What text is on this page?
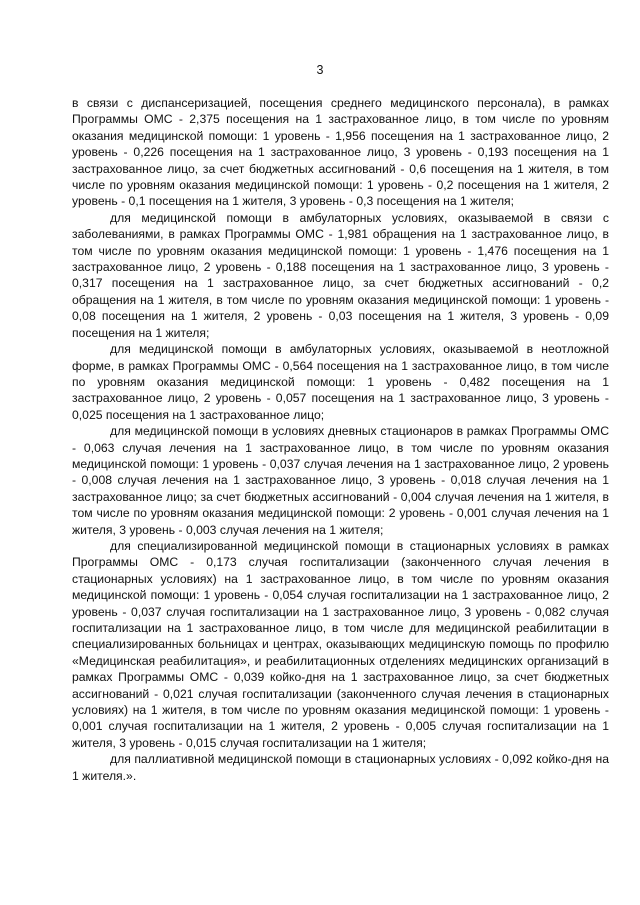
3

в связи с диспансеризацией, посещения среднего медицинского персонала), в рамках Программы ОМС - 2,375 посещения на 1 застрахованное лицо, в том числе по уровням оказания медицинской помощи: 1 уровень - 1,956 посещения на 1 застрахованное лицо, 2 уровень - 0,226 посещения на 1 застрахованное лицо, 3 уровень - 0,193 посещения на 1 застрахованное лицо, за счет бюджетных ассигнований - 0,6 посещения на 1 жителя, в том числе по уровням оказания медицинской помощи: 1 уровень - 0,2 посещения на 1 жителя, 2 уровень - 0,1 посещения на 1 жителя, 3 уровень - 0,3 посещения на 1 жителя;

для медицинской помощи в амбулаторных условиях, оказываемой в связи с заболеваниями, в рамках Программы ОМС - 1,981 обращения на 1 застрахованное лицо, в том числе по уровням оказания медицинской помощи: 1 уровень - 1,476 посещения на 1 застрахованное лицо, 2 уровень - 0,188 посещения на 1 застрахованное лицо, 3 уровень - 0,317 посещения на 1 застрахованное лицо, за счет бюджетных ассигнований - 0,2 обращения на 1 жителя, в том числе по уровням оказания медицинской помощи: 1 уровень - 0,08 посещения на 1 жителя, 2 уровень - 0,03 посещения на 1 жителя, 3 уровень - 0,09 посещения на 1 жителя;

для медицинской помощи в амбулаторных условиях, оказываемой в неотложной форме, в рамках Программы ОМС - 0,564 посещения на 1 застрахованное лицо, в том числе по уровням оказания медицинской помощи: 1 уровень - 0,482 посещения на 1 застрахованное лицо, 2 уровень - 0,057 посещения на 1 застрахованное лицо, 3 уровень - 0,025 посещения на 1 застрахованное лицо;

для медицинской помощи в условиях дневных стационаров в рамках Программы ОМС - 0,063 случая лечения на 1 застрахованное лицо, в том числе по уровням оказания медицинской помощи: 1 уровень - 0,037 случая лечения на 1 застрахованное лицо, 2 уровень - 0,008 случая лечения на 1 застрахованное лицо, 3 уровень - 0,018 случая лечения на 1 застрахованное лицо; за счет бюджетных ассигнований - 0,004 случая лечения на 1 жителя, в том числе по уровням оказания медицинской помощи: 2 уровень - 0,001 случая лечения на 1 жителя, 3 уровень - 0,003 случая лечения на 1 жителя;

для специализированной медицинской помощи в стационарных условиях в рамках Программы ОМС - 0,173 случая госпитализации (законченного случая лечения в стационарных условиях) на 1 застрахованное лицо, в том числе по уровням оказания медицинской помощи: 1 уровень - 0,054 случая госпитализации на 1 застрахованное лицо, 2 уровень - 0,037 случая госпитализации на 1 застрахованное лицо, 3 уровень - 0,082 случая госпитализации на 1 застрахованное лицо, в том числе для медицинской реабилитации в специализированных больницах и центрах, оказывающих медицинскую помощь по профилю «Медицинская реабилитация», и реабилитационных отделениях медицинских организаций в рамках Программы ОМС - 0,039 койко-дня на 1 застрахованное лицо, за счет бюджетных ассигнований - 0,021 случая госпитализации (законченного случая лечения в стационарных условиях) на 1 жителя, в том числе по уровням оказания медицинской помощи: 1 уровень - 0,001 случая госпитализации на 1 жителя, 2 уровень - 0,005 случая госпитализации на 1 жителя, 3 уровень - 0,015 случая госпитализации на 1 жителя;

для паллиативной медицинской помощи в стационарных условиях - 0,092 койко-дня на 1 жителя.».
